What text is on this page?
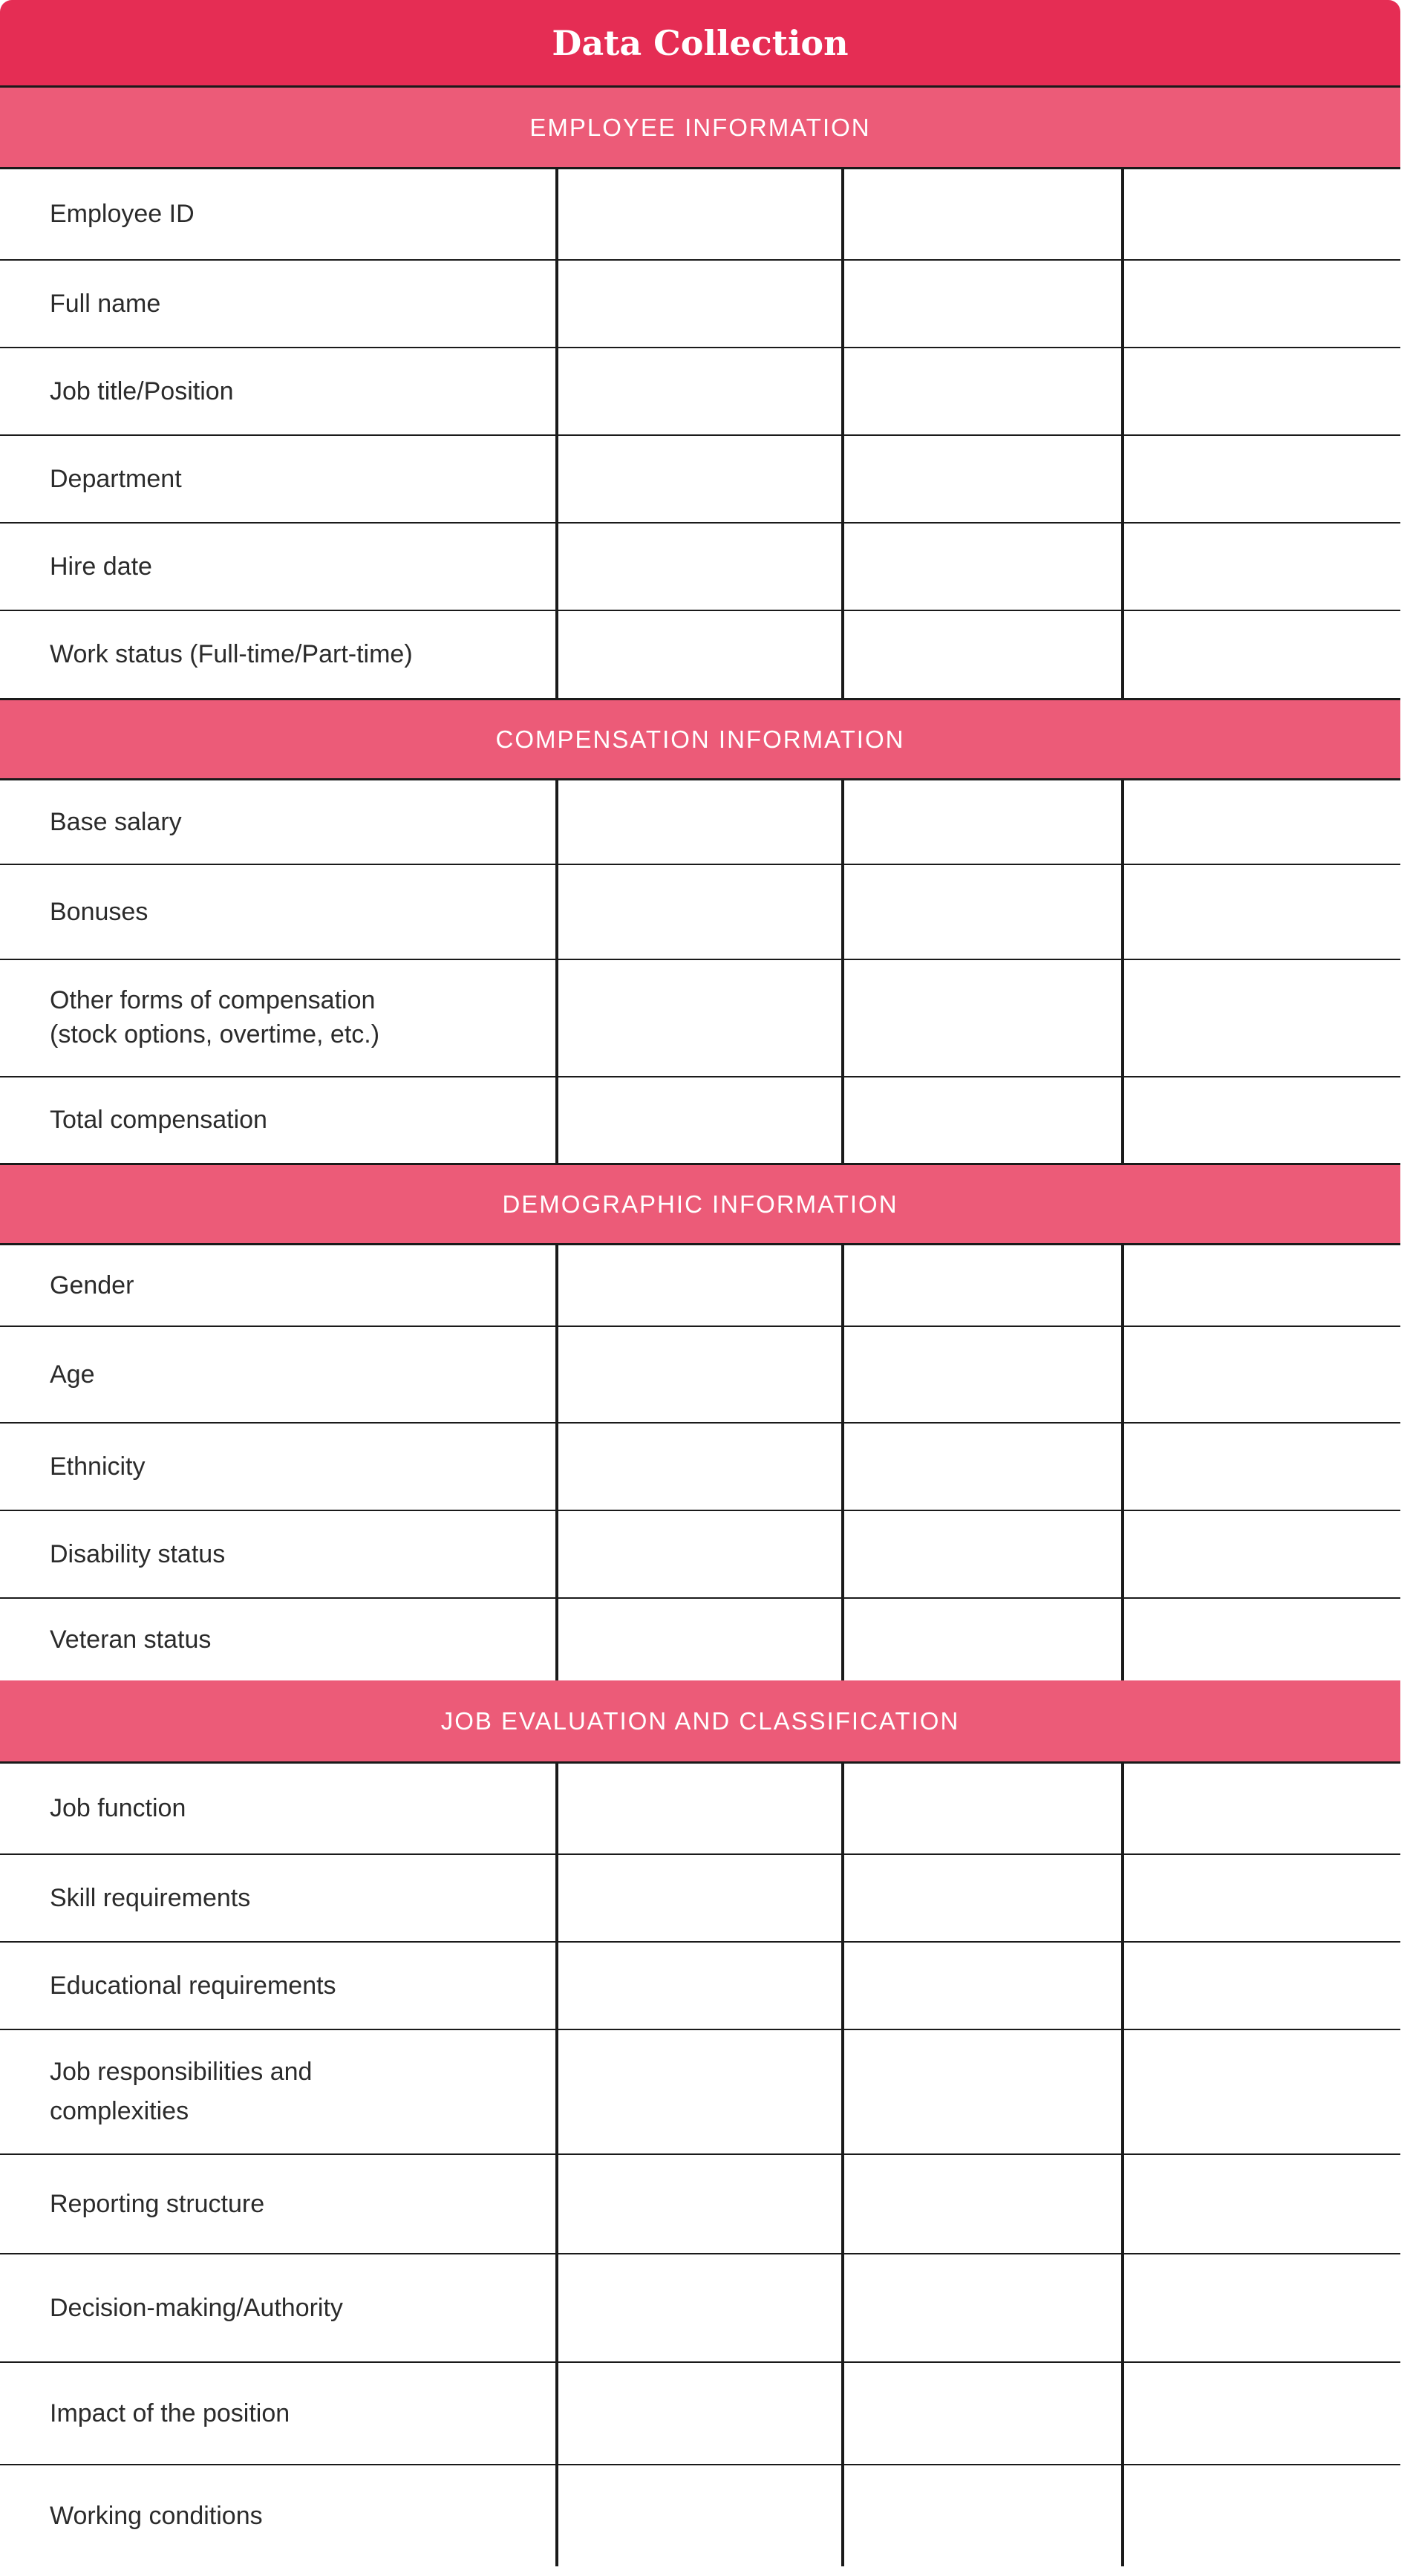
Data Collection
EMPLOYEE INFORMATION
Employee ID
Full name
Job title/Position
Department
Hire date
Work status (Full-time/Part-time)
COMPENSATION INFORMATION
Base salary
Bonuses
Other forms of compensation
(stock options, overtime, etc.)
Total compensation
DEMOGRAPHIC INFORMATION
Gender
Age
Ethnicity
Disability status
Veteran status
JOB EVALUATION AND CLASSIFICATION
Job function
Skill requirements
Educational requirements
Job responsibilities and
complexities
Reporting structure
Decision-making/Authority
Impact of the position
Working conditions
